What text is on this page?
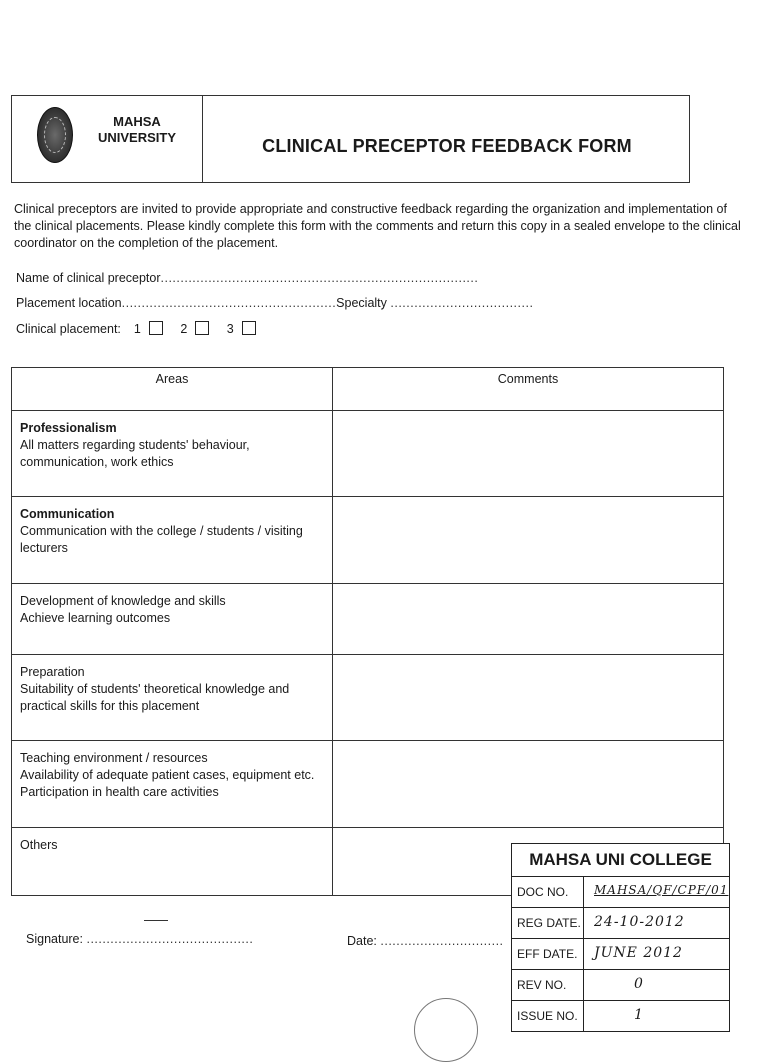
MAHSA
UNIVERSITY	CLINICAL PRECEPTOR FEEDBACK FORM
Clinical preceptors are invited to provide appropriate and constructive feedback regarding the organization and implementation of the clinical placements. Please kindly complete this form with the comments and return this copy in a sealed envelope to the clinical coordinator on the completion of the placement.
Name of clinical preceptor................................................................................
Placement location......................................................Specialty ....................................
Clinical placement: 1	2	3
Areas	Comments

Professionalism
All matters regarding students' behaviour, communication, work ethics	

Communication
Communication with the college / students / visiting lecturers	

Development of knowledge and skills
Achieve learning outcomes	

Preparation
Suitability of students' theoretical knowledge and practical skills for this placement	

Teaching environment / resources
Availability of adequate patient cases, equipment etc. Participation in health care activities	

Others	

Signature: ..........................................	Date: ...............................
MAHSA UNI COLLEGE
DOC NO.	MAHSA/QF/CPF/01
REG DATE. 24-10-2012
EFF DATE.	JUNE 2012
REV NO.	0
ISSUE NO.	1
